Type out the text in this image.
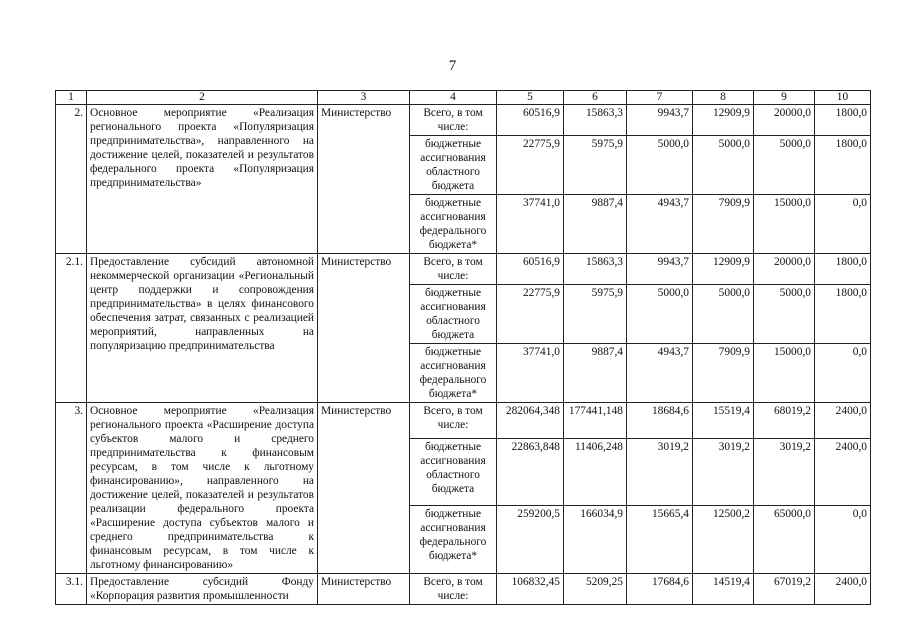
7
1	2	3	4	5	6	7	8	9	10
2.	Основное мероприятие «Реализация регионального проекта «Популяризация предпринимательства», направленного на достижение целей, показателей и результатов федерального проекта «Популяризация предпринимательства»	Министерство	Всего, в том числе:	60516,9	15863,3	9943,7	12909,9	20000,0	1800,0
			бюджетные ассигнования областного бюджета	22775,9	5975,9	5000,0	5000,0	5000,0	1800,0
			бюджетные ассигнования федерального бюджета*	37741,0	9887,4	4943,7	7909,9	15000,0	0,0
2.1.	Предоставление субсидий автономной некоммерческой организации «Региональный центр поддержки и сопровождения предпринимательства» в целях финансового обеспечения затрат, связанных с реализацией мероприятий, направленных на популяризацию предпринимательства	Министерство	Всего, в том числе:	60516,9	15863,3	9943,7	12909,9	20000,0	1800,0
			бюджетные ассигнования областного бюджета	22775,9	5975,9	5000,0	5000,0	5000,0	1800,0
			бюджетные ассигнования федерального бюджета*	37741,0	9887,4	4943,7	7909,9	15000,0	0,0
3.	Основное мероприятие «Реализация регионального проекта «Расширение доступа субъектов малого и среднего предпринимательства к финансовым ресурсам, в том числе к льготному финансированию», направленного на достижение целей, показателей и результатов реализации федерального проекта «Расширение доступа субъектов малого и среднего предпринимательства к финансовым ресурсам, в том числе к льготному финансированию»	Министерство	Всего, в том числе:	282064,348	177441,148	18684,6	15519,4	68019,2	2400,0
			бюджетные ассигнования областного бюджета	22863,848	11406,248	3019,2	3019,2	3019,2	2400,0
			бюджетные ассигнования федерального бюджета*	259200,5	166034,9	15665,4	12500,2	65000,0	0,0
3.1.	Предоставление субсидий Фонду «Корпорация развития промышленности	Министерство	Всего, в том числе:	106832,45	5209,25	17684,6	14519,4	67019,2	2400,0
